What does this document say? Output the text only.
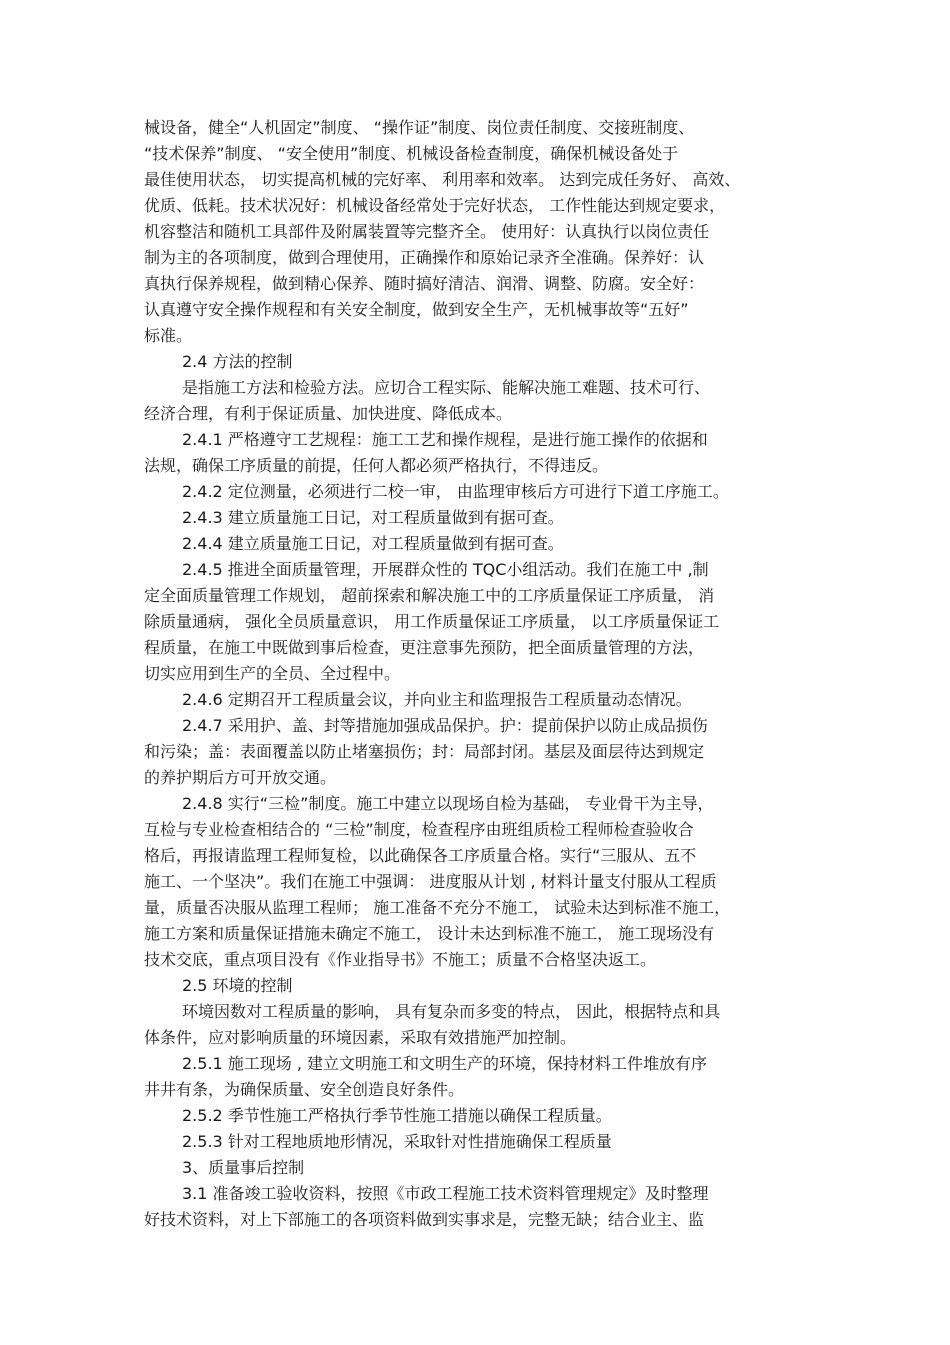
械设备，健全“人机固定”制度、 “操作证”制度、岗位责任制度、交接班制度、
“技术保养”制度、 “安全使用”制度、机械设备检查制度，确保机械设备处于
最佳使用状态， 切实提高机械的完好率、 利用率和效率。 达到完成任务好、 高效、
优质、低耗。技术状况好：机械设备经常处于完好状态， 工作性能达到规定要求，
机容整洁和随机工具部件及附属装置等完整齐全。 使用好：认真执行以岗位责任
制为主的各项制度，做到合理使用，正确操作和原始记录齐全准确。保养好：认
真执行保养规程，做到精心保养、随时搞好清洁、润滑、调整、防腐。安全好：
认真遵守安全操作规程和有关安全制度，做到安全生产，无机械事故等“五好”
标准。
2.4 方法的控制
是指施工方法和检验方法。应切合工程实际、能解决施工难题、技术可行、
经济合理，有利于保证质量、加快进度、降低成本。
2.4.1 严格遵守工艺规程：施工工艺和操作规程，是进行施工操作的依据和
法规，确保工序质量的前提，任何人都必须严格执行，不得违反。
2.4.2 定位测量，必须进行二校一审， 由监理审核后方可进行下道工序施工。
2.4.3 建立质量施工日记，对工程质量做到有据可查。
2.4.4 建立质量施工日记，对工程质量做到有据可查。
2.4.5 推进全面质量管理，开展群众性的 TQC小组活动。我们在施工中 ,制
定全面质量管理工作规划， 超前探索和解决施工中的工序质量保证工序质量， 消
除质量通病， 强化全员质量意识， 用工作质量保证工序质量， 以工序质量保证工
程质量，在施工中既做到事后检查，更注意事先预防，把全面质量管理的方法，
切实应用到生产的全员、全过程中。
2.4.6 定期召开工程质量会议，并向业主和监理报告工程质量动态情况。
2.4.7 采用护、盖、封等措施加强成品保护。护：提前保护以防止成品损伤
和污染；盖：表面覆盖以防止堵塞损伤；封：局部封闭。基层及面层待达到规定
的养护期后方可开放交通。
2.4.8 实行“三检”制度。施工中建立以现场自检为基础， 专业骨干为主导，
互检与专业检查相结合的 “三检”制度，检查程序由班组质检工程师检查验收合
格后，再报请监理工程师复检，以此确保各工序质量合格。实行“三服从、五不
施工、一个坚决”。我们在施工中强调： 进度服从计划 , 材料计量支付服从工程质
量，质量否决服从监理工程师； 施工准备不充分不施工， 试验未达到标准不施工，
施工方案和质量保证措施未确定不施工， 设计未达到标准不施工， 施工现场没有
技术交底，重点项目没有《作业指导书》不施工；质量不合格坚决返工。
2.5 环境的控制
环境因数对工程质量的影响， 具有复杂而多变的特点， 因此，根据特点和具
体条件，应对影响质量的环境因素，采取有效措施严加控制。
2.5.1 施工现场 , 建立文明施工和文明生产的环境，保持材料工件堆放有序
井井有条，为确保质量、安全创造良好条件。
2.5.2 季节性施工严格执行季节性施工措施以确保工程质量。
2.5.3 针对工程地质地形情况，采取针对性措施确保工程质量
3、质量事后控制
3.1 准备竣工验收资料，按照《市政工程施工技术资料管理规定》及时整理
好技术资料，对上下部施工的各项资料做到实事求是，完整无缺；结合业主、监
